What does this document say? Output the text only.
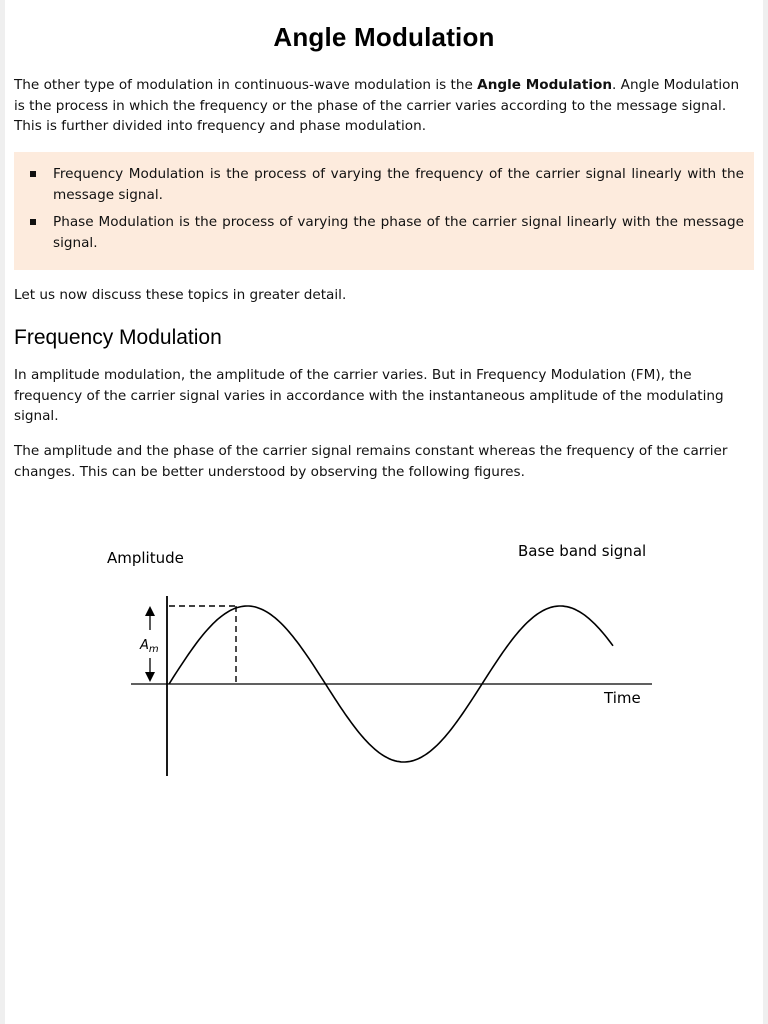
Angle Modulation

The other type of modulation in continuous-wave modulation is the Angle Modulation. Angle Modulation is the process in which the frequency or the phase of the carrier varies according to the message signal. This is further divided into frequency and phase modulation.

Frequency Modulation is the process of varying the frequency of the carrier signal linearly with the message signal.
Phase Modulation is the process of varying the phase of the carrier signal linearly with the message signal.

Let us now discuss these topics in greater detail.

Frequency Modulation

In amplitude modulation, the amplitude of the carrier varies. But in Frequency Modulation (FM), the frequency of the carrier signal varies in accordance with the instantaneous amplitude of the modulating signal.

The amplitude and the phase of the carrier signal remains constant whereas the frequency of the carrier changes. This can be better understood by observing the following figures.

Amplitude	Base band signal
Time
$A_m$
